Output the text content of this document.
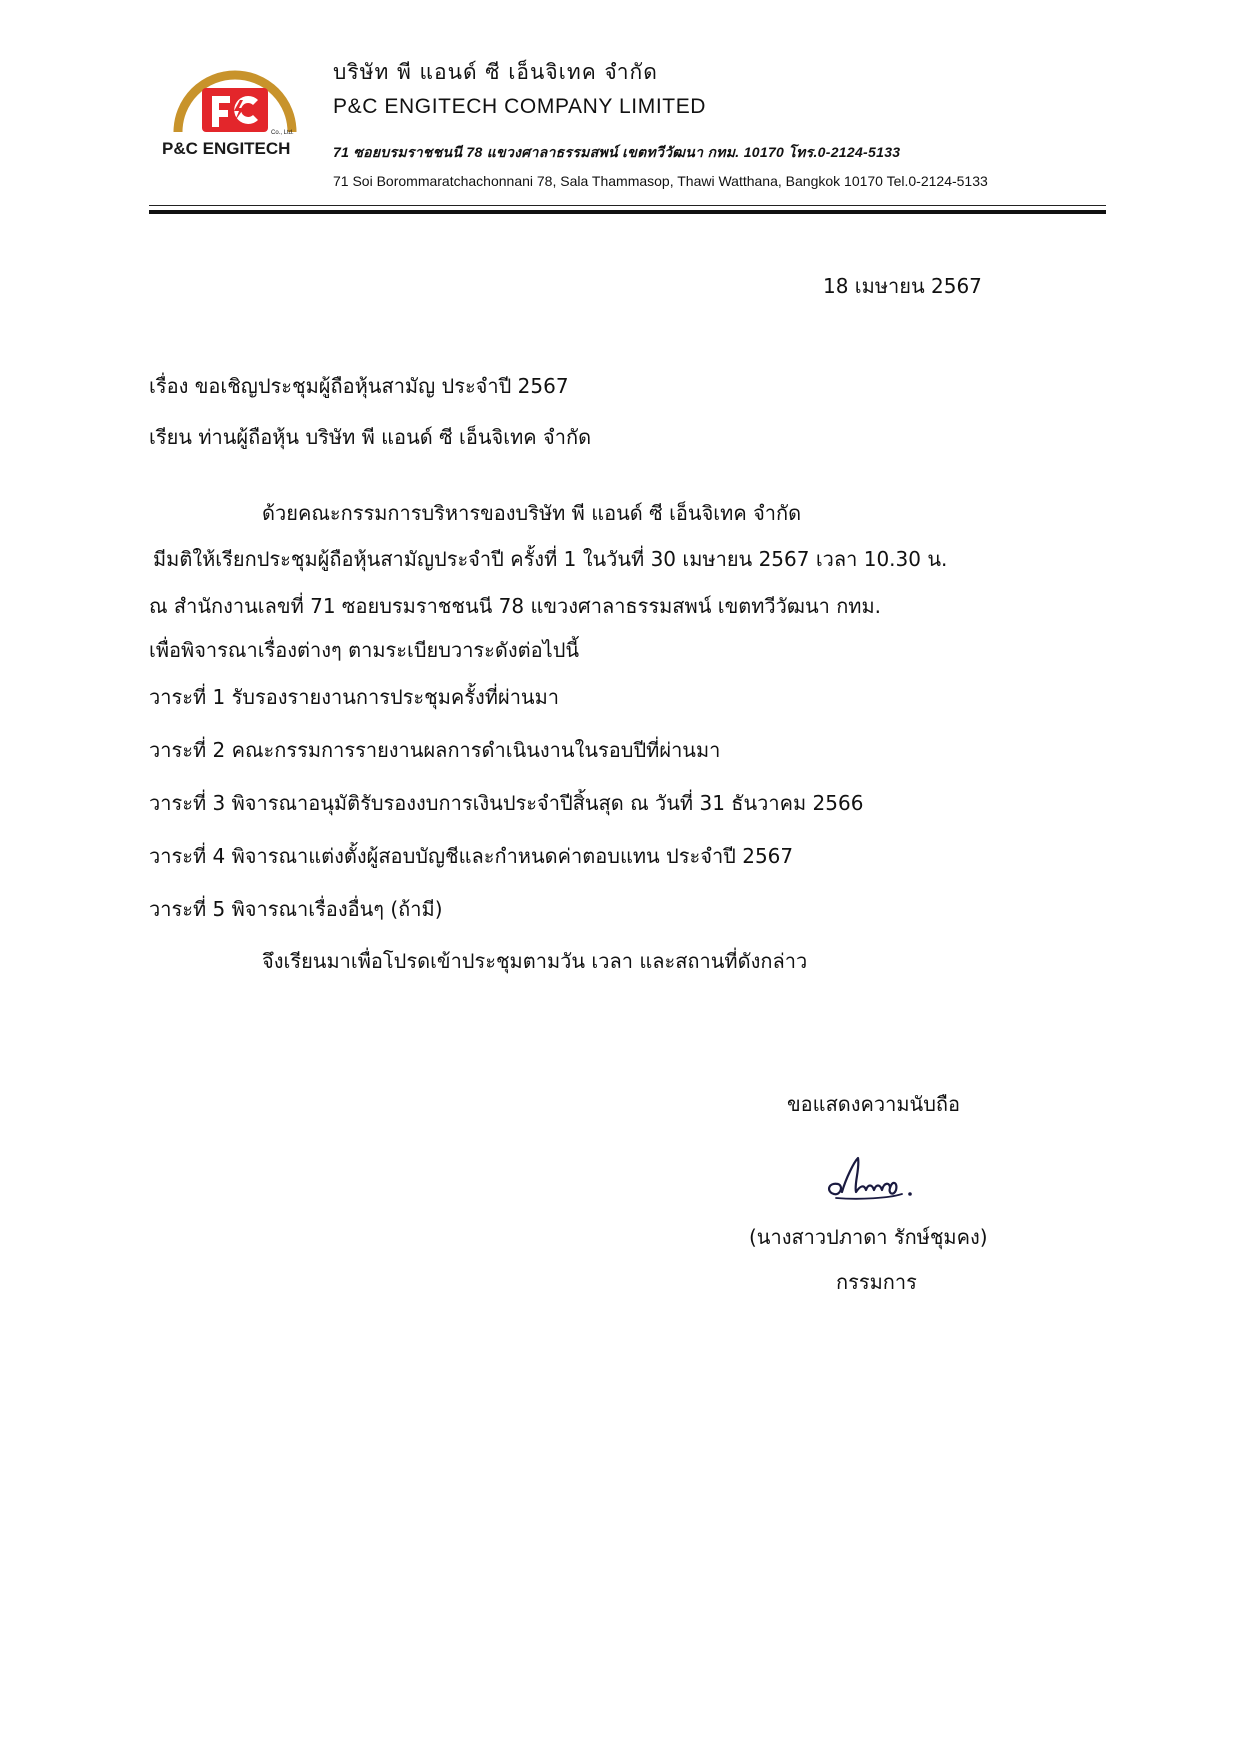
Co., Ltd.
P&C ENGITECH
บริษัท พี แอนด์ ซี เอ็นจิเทค จำกัด
P&C ENGITECH COMPANY LIMITED
71 ซอยบรมราชชนนี 78 แขวงศาลาธรรมสพน์ เขตทวีวัฒนา กทม. 10170 โทร.0-2124-5133
71 Soi Borommaratchachonnani 78, Sala Thammasop, Thawi Watthana, Bangkok 10170 Tel.0-2124-5133
18 เมษายน 2567
เรื่อง ขอเชิญประชุมผู้ถือหุ้นสามัญ ประจำปี 2567
เรียน ท่านผู้ถือหุ้น บริษัท พี แอนด์ ซี เอ็นจิเทค จำกัด
ด้วยคณะกรรมการบริหารของบริษัท พี แอนด์ ซี เอ็นจิเทค จำกัด
มีมติให้เรียกประชุมผู้ถือหุ้นสามัญประจำปี ครั้งที่ 1 ในวันที่ 30 เมษายน 2567 เวลา 10.30 น.
ณ สำนักงานเลขที่ 71 ซอยบรมราชชนนี 78 แขวงศาลาธรรมสพน์ เขตทวีวัฒนา กทม.
เพื่อพิจารณาเรื่องต่างๆ ตามระเบียบวาระดังต่อไปนี้
วาระที่ 1 รับรองรายงานการประชุมครั้งที่ผ่านมา
วาระที่ 2 คณะกรรมการรายงานผลการดำเนินงานในรอบปีที่ผ่านมา
วาระที่ 3 พิจารณาอนุมัติรับรองงบการเงินประจำปีสิ้นสุด ณ วันที่ 31 ธันวาคม 2566
วาระที่ 4 พิจารณาแต่งตั้งผู้สอบบัญชีและกำหนดค่าตอบแทน ประจำปี 2567
วาระที่ 5 พิจารณาเรื่องอื่นๆ (ถ้ามี)
จึงเรียนมาเพื่อโปรดเข้าประชุมตามวัน เวลา และสถานที่ดังกล่าว
ขอแสดงความนับถือ
(นางสาวปภาดา รักษ์ชุมคง)
กรรมการ
